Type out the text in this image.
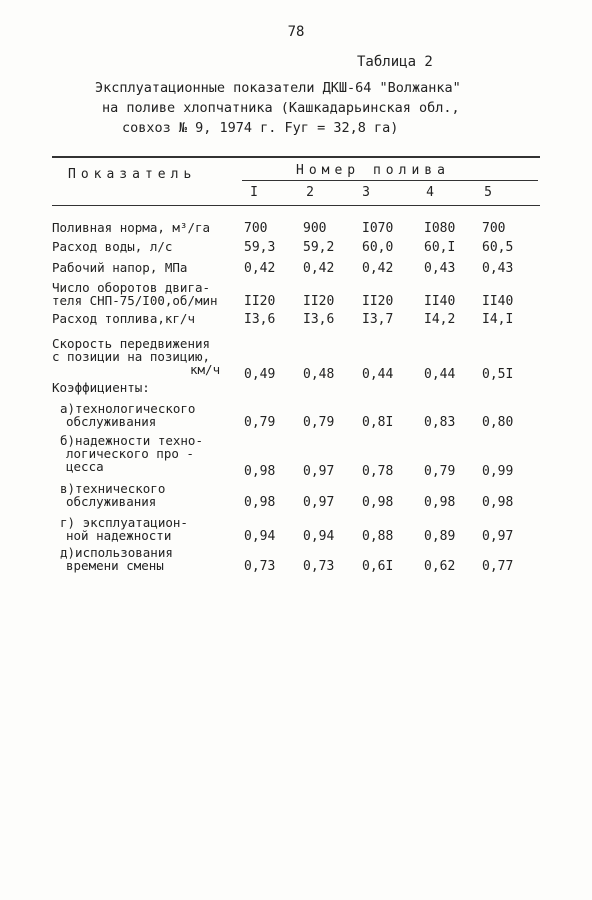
78
Таблица 2
Эксплуатационные показатели ДКШ-64 "Волжанка"
на поливе хлопчатника (Кашкадарьинская обл.,
совхоз № 9, 1974 г. Fуг = 32,8 га)
Показатель	Номер полива
I	2	3	4	5
Поливная норма, м³/га	700	900	I070	I080	700
Расход воды, л/с	59,3	59,2	60,0	60,I	60,5
Рабочий напор, МПа	0,42	0,42	0,42	0,43	0,43
Число оборотов двига-
теля СНП-75/I00,об/мин	II20	II20	II20	II40	II40
Расход топлива,кг/ч	I3,6	I3,6	I3,7	I4,2	I4,I
Скорость передвижения
с позиции на позицию,
км/ч	0,49	0,48	0,44	0,44	0,5I
Коэффициенты:
а)технологического
обслуживания	0,79	0,79	0,8I	0,83	0,80
б)надежности техно-
логического про -
цесса	0,98	0,97	0,78	0,79	0,99
в)технического
обслуживания	0,98	0,97	0,98	0,98	0,98
г) эксплуатацион-
ной надежности	0,94	0,94	0,88	0,89	0,97
д)использования
времени смены	0,73	0,73	0,6I	0,62	0,77
